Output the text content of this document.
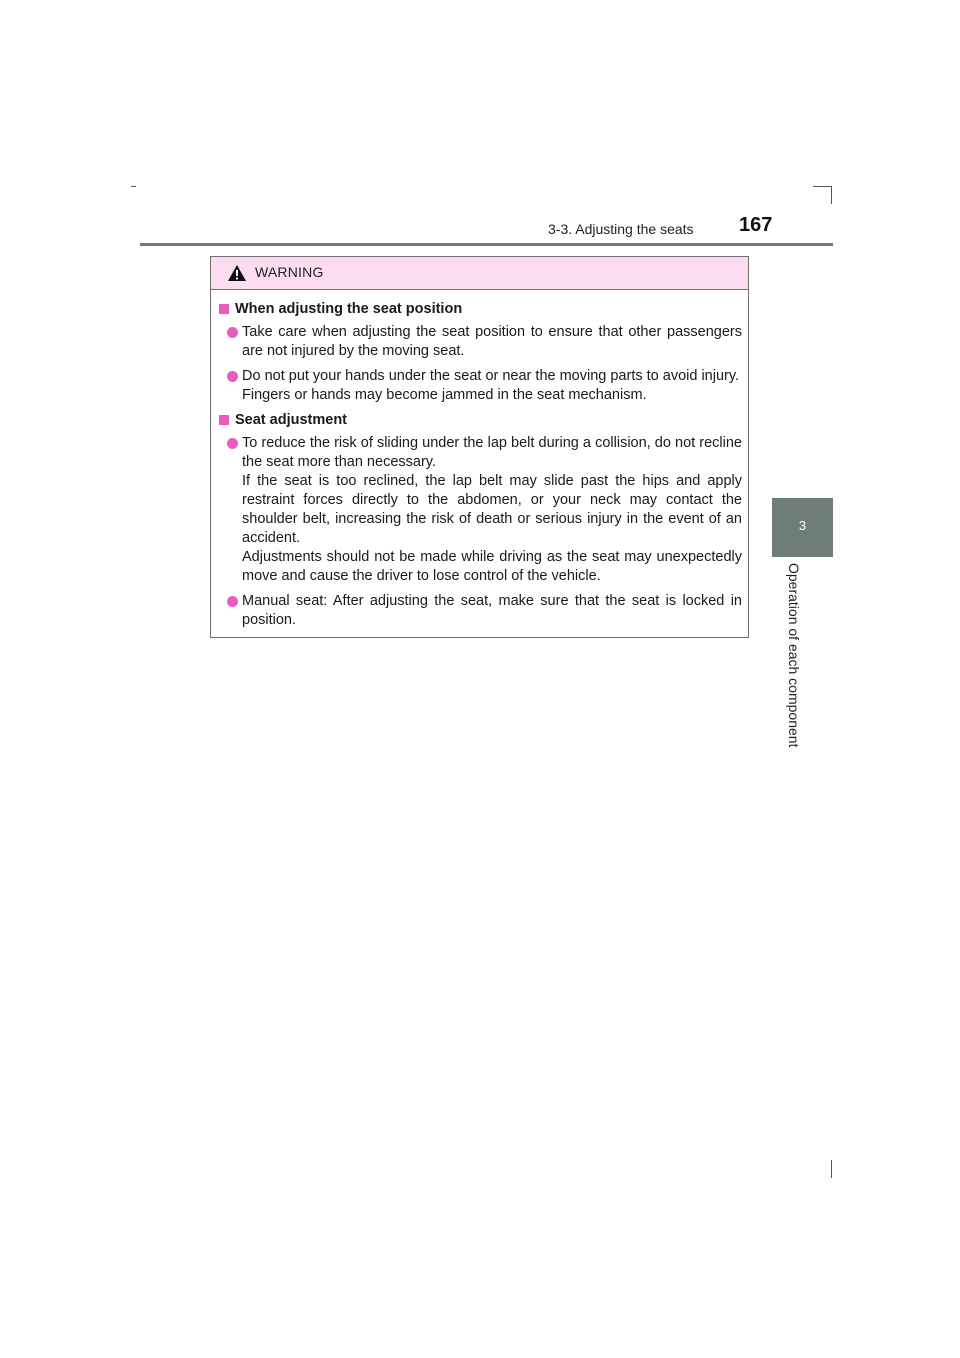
3-3. Adjusting the seats 167
3
Operation of each component
WARNING
When adjusting the seat position

Take care when adjusting the seat position to ensure that other passengers are not injured by the moving seat.

Do not put your hands under the seat or near the moving parts to avoid injury.

Fingers or hands may become jammed in the seat mechanism.

Seat adjustment

To reduce the risk of sliding under the lap belt during a collision, do not recline the seat more than necessary.

If the seat is too reclined, the lap belt may slide past the hips and apply restraint forces directly to the abdomen, or your neck may contact the shoulder belt, increasing the risk of death or serious injury in the event of an accident.

Adjustments should not be made while driving as the seat may unexpectedly move and cause the driver to lose control of the vehicle.

Manual seat: After adjusting the seat, make sure that the seat is locked in position.
